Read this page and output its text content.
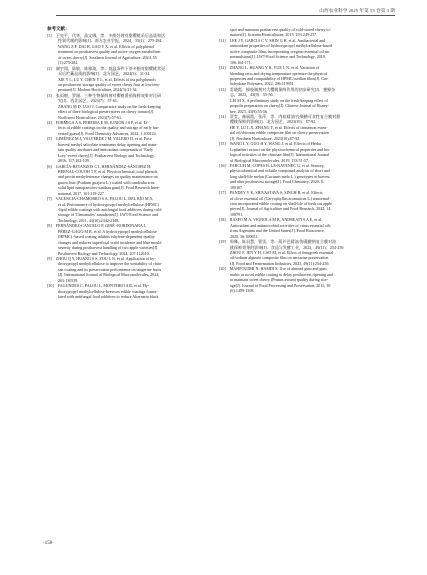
山西农业科学 2025 年第 53 卷第 3 期
参考文献：
[1]　王亮平，代华，高文娜，等．多酚处理对甜樱桃采后品质和活
性氧代谢的影响[J]．南方农业学报，2024，55(1)：275-284.
WANG Z F, DAI H, GAO Y X, et al. Effects of polyphenol
treatment on postharvest quality and active oxygen metabolism
of sweet cherry[J]. Southern Journal of Agriculture, 2024, 55
(1):275-284.
[2]　谢宇翔，陆敏，陈雅琦，等．低温条件下茶多酚对甜樱桃常见
采后贮藏品质的影响[J]．北方园艺，2024(3)：31-34.
XIE Y L, LU Y, CHEN Y L, et al. Effects of tea polyphenols
on postharvest storage quality of sweet cherry fruit at low tem-
perature[J]. Modern Horticulture, 2024(3):31-34.
[3]　张雨朝，罗谨．三种生物保鲜剂对樱桃番茄保鲜效果对比研
究[J]．西北园艺，2023(7)：57-61.
ZHANG M D, LUO J. Comparative study on the fresh-keeping
effect of three biological preservatives on cherry tomato[J].
Northwest Horticulture, 2023(7):57-61.
[4]　FORMIGA A S, PEREIRA E M, JUNIOR J S P, et al. Ef-
fects of edible coatings on the quality and storage of early har-
vested guava[J]. Food Chemistry Advances, 2022, 1:100124.
[5]　GIMÉNEZ M J, VALVERDE J M, VALERO D, et al. Post-
harvest methyl salicylate treatments delay ripening and main-
tain quality attributes and antioxidant compounds of 'Early
Lory' sweet cherry[J]. Postharvest Biology and Technology,
2016, 117:102-109.
[6]　GARCÍA-BETANZOS C I, HERNÁNDEZ-SÁNCHEZ H,
BERNAL-COUOH T F, et al. Physicochemical, total phenols
and pectin methylesterase changes on quality maintenance on
guava fruit (Psidium guajava L.) coated with candeuba wax
solid lipid nanoparticles-xanthan gum[J]. Food Research Inter-
national, 2017, 101:218-227.
[7]　VALENCIA-CHAMORRO S A, PALOU L, DEL RÍO M A,
et al. Performance of hydroxypropyl methylcellulose (HPMC)
-lipid edible coatings with antifungal food additives during cold
storage of 'Clemenules' mandarins[J]. LWT-Food Science and
Technology, 2011, 44(10):2342-2348.
[8]　FERNÁNDEZ-CANCELO P, GINÉ -BORDONABA J,
PÉREZ-GAGO M B, et al. A hydroxypropyl methylcellulose
(HPMC) -based coating inhibits ethylene-dependent quality
changes and reduces superficial scald incidence and blue mould
severity during postharvest handling of two apple varieties[J].
Postharvest Biology and Technology, 2024, 207:112610.
[9]　ZHOU Q Y, HUANG S S, ZOU L N, et al. Application of hy-
droxypropyl methylcellulose to improve the wettability of chito-
san coating and its preservation performance on tangerine fruits
[J]. International Journal of Biological Macromolecules, 2024,
263:130539.
[10]　FAGUNDES C, PALOU L, MONTEIRO A R, et al. Hy-
droxypropyl methylcellulose-beeswax edible coatings formu-
lated with antifungal food additives to reduce Alternaria black
spot and maintain postharvest quality of cold-stored cherry to-
matoes[J]. Scientia Horticulturae, 2015, 193:249-257.
[11]　LEE J Y, GARCIA C V, SHIN G H, et al. Antibacterial and
antioxidant properties of hydroxypropyl methylcellulose-based
active composite films incorporating oregano essential oil na-
noemulsions[J]. LWT-Food Science and Technology, 2019,
106:164-171.
[12]　ZHANG L, HUANG Y K, YUE L N, et al. Variation of
blending ratio and drying temperature optimize the physical
properties and compatibility of HPMC/curdlan films[J]. Car-
bohydrate Polymers, 2022, 296:119951.
[13]　雷晓霞．蜂胶制剂对大樱桃保鲜作用的初步研究[J]．蜜蜂杂
志，2023，43(9)：55-56.
LEI M X. A preliminary study on the fresh-keeping effect of
propolis preparation on cherry[J]. Chinese Journal of Honey-
bee, 2023, 43(9):55-56.
[14]　贺莹，虞丽霞，张萍，等．肉桂精油/壳聚糖可食性复合膜对甜
樱桃保鲜的影响[J]．北方园艺，2023(10)：87-92.
HE Y, LU L X, ZHANG Y, et al. Effects of cinnamon essen-
tial oil/chitosan edible composite film on cherry preservation
[J]. Northern Horticulture, 2023(10):87-92.
[15]　WANG L Y, GUO H Y, WANG J, et al. Effects of Herba
Lophatheri extract on the physicochemical properties and bio-
logical activities of the chitosan film[J]. International Journal
of Biological Macromolecules, 2019, 133:51-57.
[16]　FARCUH M, COPES B, LE-NAVENEC G, et al. Sensory,
physicochemical and volatile compound analysis of short and
long shelf-life melon (Cucumis melo L.) genotypes at harvest
and after postharvest storage[J]. Food Chemistry, 2020, 8:
100107.
[17]　PANDEY V K, SRIVASTAVA S, SINGH R, et al. Effects
of clove essential oil (Caryophyllus aromaticus L.) nanoemul-
sion incorporated edible coating on shelf-life of fresh cut apple
pieces[J]. Journal of Agriculture and Food Research, 2022, 14:
100791.
[18]　RASPO M A, VIGNOLA M B, ANDREATTA A E, et al.
Antioxidant and antimicrobial activities of citrus essential oils
from Argentina and the United States[J]. Food Bioscience,
2020, 36:100651.
[19]　周舞，陈羽慧，曹雷，等．葫芦巴精油/海藻酸钠复合膜对油
桃保鲜效果的影响[J]．食品与发酵工业，2023，49(11)：254-259.
ZHOU F, JEN Y H, CAO M, et al. Effect of fenugreek essential
oil/sodium alginate composite film on nectarine preservation
[J]. Food and Fermentation Industries, 2023, 49(11):254-259.
[20]　MAHFOUDHI N, HAMDI S. Use of almond gum and gum
arabic as novel edible coating to delay postharvest ripening and
to maintain sweet cherry (Prunus avium) quality during stor-
age[J]. Journal of Food Processing and Preservation, 2015, 39
(6):1499-1508.
·158·
